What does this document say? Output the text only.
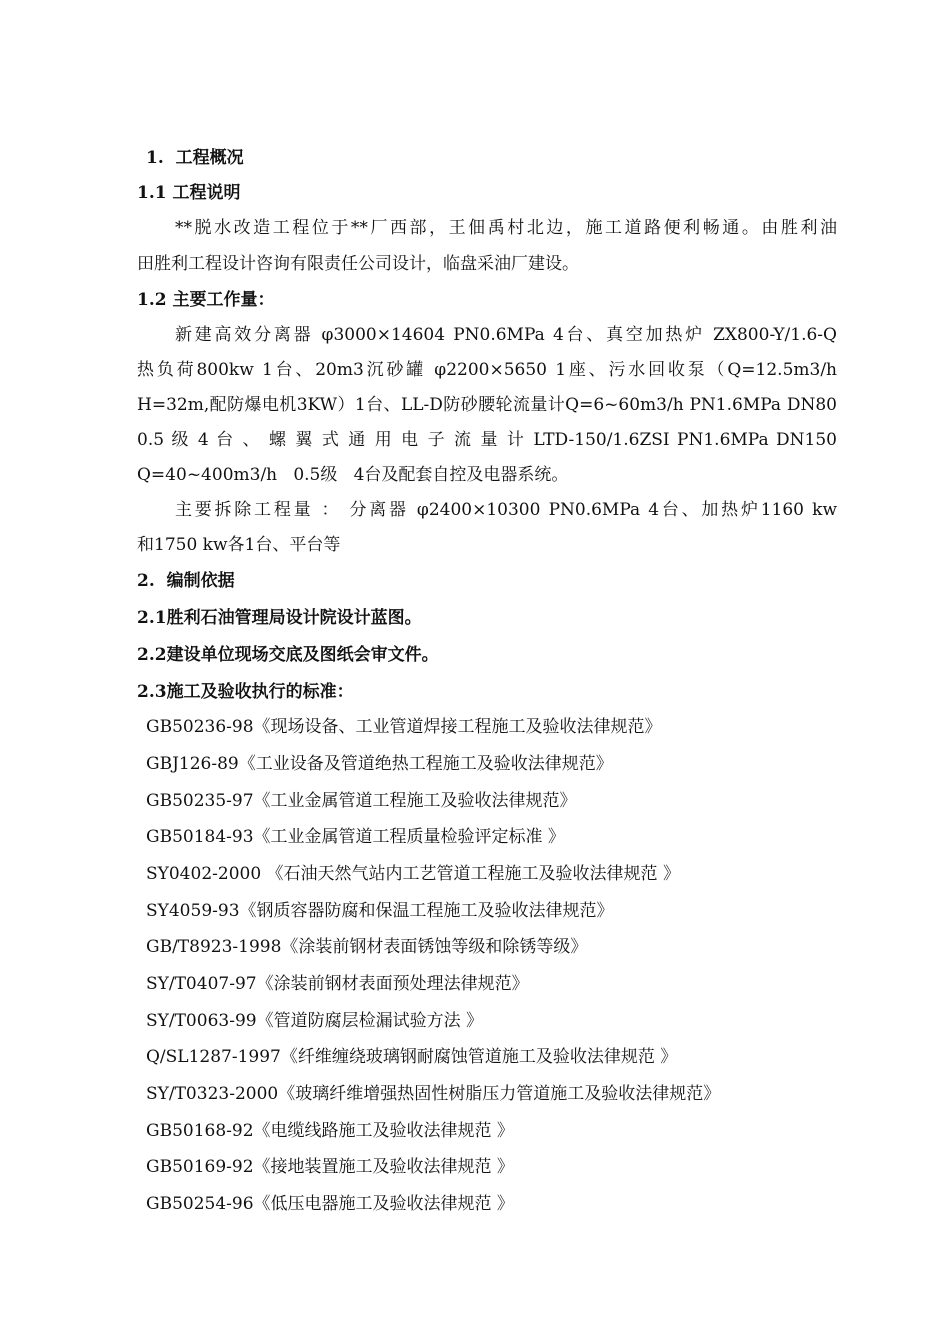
1.  工程概况

1.1 工程说明

**脱水改造工程位于**厂西部，王佃禹村北边，施工道路便利畅通。由胜利油

田胜利工程设计咨询有限责任公司设计，临盘采油厂建设。

1.2 主要工作量：

新建高效分离器 φ3000×14604 PN0.6MPa 4台、真空加热炉 ZX800-Y/1.6-Q

热负荷800kw 1台、20m3沉砂罐 φ2200×5650 1座、污水回收泵（Q=12.5m3/h

H=32m,配防爆电机3KW）1台、LL-D防砂腰轮流量计Q=6~60m3/h PN1.6MPa DN80

0.5 级 4 台 、 螺 翼 式 通 用 电 子 流 量 计 LTD-150/1.6ZSI PN1.6MPa DN150

Q=40~400m3/h   0.5级   4台及配套自控及电器系统。

主要拆除工程量 ： 分离器 φ2400×10300 PN0.6MPa 4台、加热炉1160 kw

和1750 kw各1台、平台等

2.  编制依据

2.1胜利石油管理局设计院设计蓝图。

2.2建设单位现场交底及图纸会审文件。

2.3施工及验收执行的标准：

GB50236-98《现场设备、工业管道焊接工程施工及验收法律规范》

GBJ126-89《工业设备及管道绝热工程施工及验收法律规范》

GB50235-97《工业金属管道工程施工及验收法律规范》

GB50184-93《工业金属管道工程质量检验评定标准 》

SY0402-2000 《石油天然气站内工艺管道工程施工及验收法律规范 》

SY4059-93《钢质容器防腐和保温工程施工及验收法律规范》

GB/T8923-1998《涂装前钢材表面锈蚀等级和除锈等级》

SY/T0407-97《涂装前钢材表面预处理法律规范》

SY/T0063-99《管道防腐层检漏试验方法 》

Q/SL1287-1997《纤维缠绕玻璃钢耐腐蚀管道施工及验收法律规范 》

SY/T0323-2000《玻璃纤维增强热固性树脂压力管道施工及验收法律规范》

GB50168-92《电缆线路施工及验收法律规范 》

GB50169-92《接地装置施工及验收法律规范 》

GB50254-96《低压电器施工及验收法律规范 》
